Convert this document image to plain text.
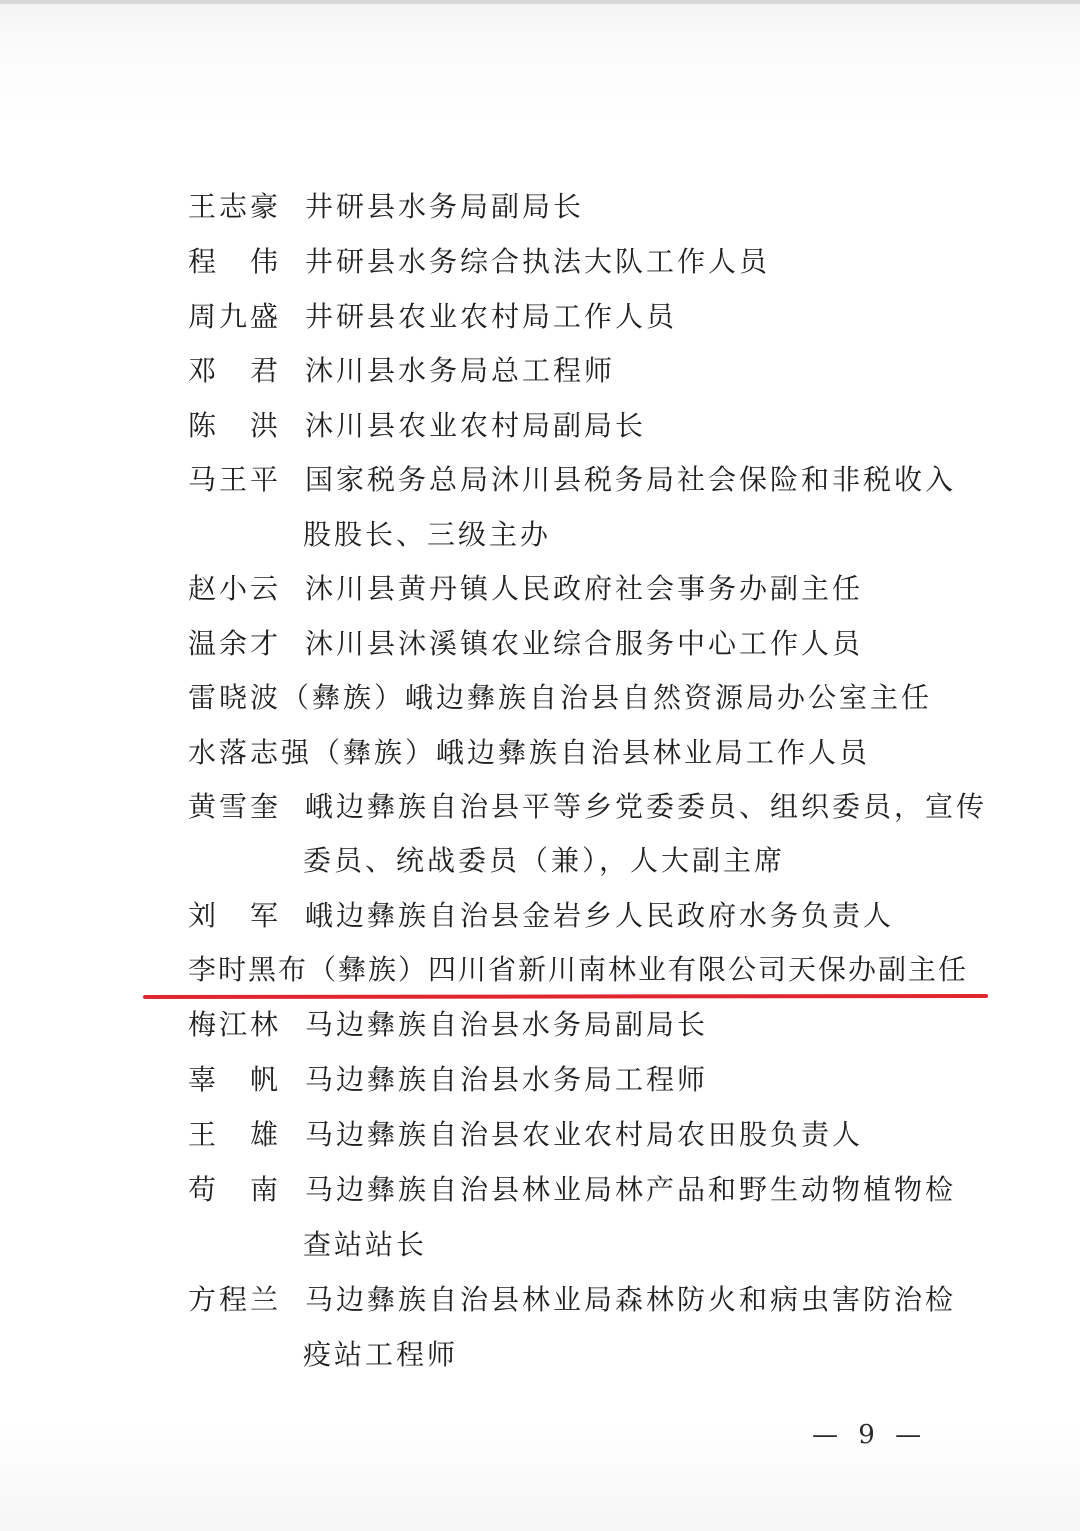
王志豪 井研县水务局副局长
程　伟 井研县水务综合执法大队工作人员
周九盛 井研县农业农村局工作人员
邓　君 沐川县水务局总工程师
陈　洪 沐川县农业农村局副局长
马王平 国家税务总局沐川县税务局社会保险和非税收入
股股长、三级主办
赵小云 沐川县黄丹镇人民政府社会事务办副主任
温余才 沐川县沐溪镇农业综合服务中心工作人员
雷晓波（彝族）峨边彝族自治县自然资源局办公室主任
水落志强（彝族）峨边彝族自治县林业局工作人员
黄雪奎 峨边彝族自治县平等乡党委委员、组织委员，宣传
委员、统战委员（兼），人大副主席
刘　军 峨边彝族自治县金岩乡人民政府水务负责人
李时黑布（彝族）四川省新川南林业有限公司天保办副主任
梅江林 马边彝族自治县水务局副局长
辜　帆 马边彝族自治县水务局工程师
王　雄 马边彝族自治县农业农村局农田股负责人
苟　南 马边彝族自治县林业局林产品和野生动物植物检
查站站长
方程兰 马边彝族自治县林业局森林防火和病虫害防治检
疫站工程师
— 9 —
